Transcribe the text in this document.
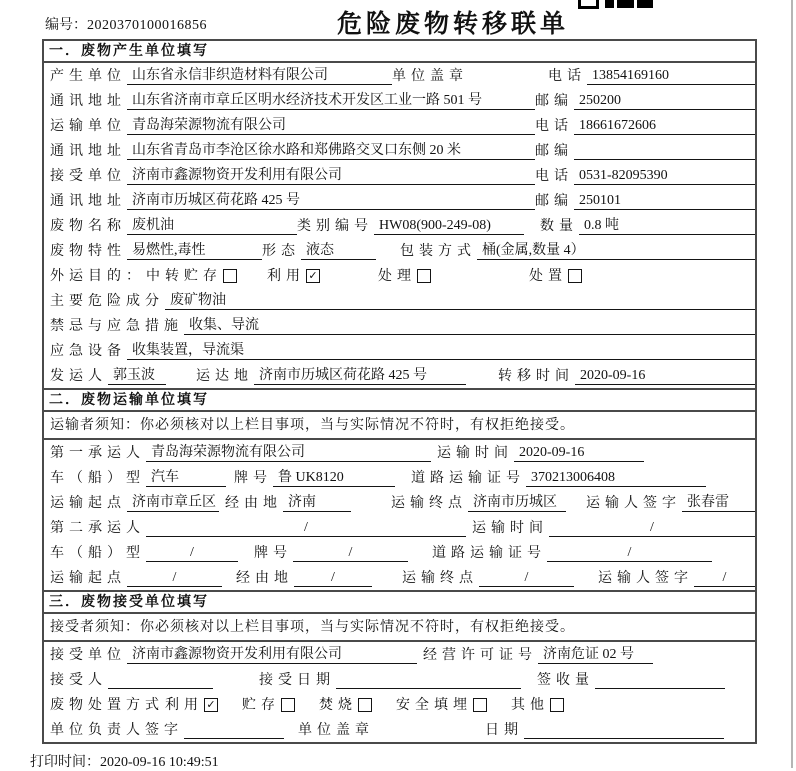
编号：2020370100016856	危险废物转移联单
一．废物产生单位填写
产生单位 山东省永信非织造材料有限公司	单位盖章	电话 13854169160
通讯地址 山东省济南市章丘区明水经济技术开发区工业一路 501 号	邮编 250200
运输单位 青岛海荣源物流有限公司	电话 18661672606
通讯地址 山东省青岛市李沧区徐水路和郑佛路交叉口东侧 20 米	邮编
接受单位 济南市鑫源物资开发利用有限公司	电话 0531-82095390
通讯地址 济南市历城区荷花路 425 号	邮编 250101
废物名称 废机油	类别编号 HW08(900-249-08)	数量 0.8 吨
废物特性 易燃性,毒性	形态 液态	包装方式 桶(金属,数量 4）
外运目的： 中转贮存	利用 ✓	处理	处置
主要危险成分 废矿物油
禁忌与应急措施 收集、导流
应急设备 收集装置，导流渠
发运人 郭玉波	运达地 济南市历城区荷花路 425 号	转移时间 2020-09-16
二．废物运输单位填写
运输者须知：你必须核对以上栏目事项，当与实际情况不符时，有权拒绝接受。
第一承运人 青岛海荣源物流有限公司	运输时间 2020-09-16
车（船）型 汽车	牌号 鲁 UK8120	道路运输证号 370213006408
运输起点 济南市章丘区 经由地 济南	运输终点 济南市历城区	运输人签字 张春雷
第二承运人	/	运输时间	/
车（船）型	/	牌号	/	道路运输证号	/
运输起点	/	经由地	/	运输终点	/	运输人签字	/
三．废物接受单位填写
接受者须知：你必须核对以上栏目事项，当与实际情况不符时，有权拒绝接受。
接受单位 济南市鑫源物资开发利用有限公司	经营许可证号 济南危证 02 号
接受人	接受日期	签收量
废物处置方式 利用 ✓ 贮存	焚烧	安全填埋	其他
单位负责人签字	单位盖章	日期
打印时间：2020-09-16 10:49:51
